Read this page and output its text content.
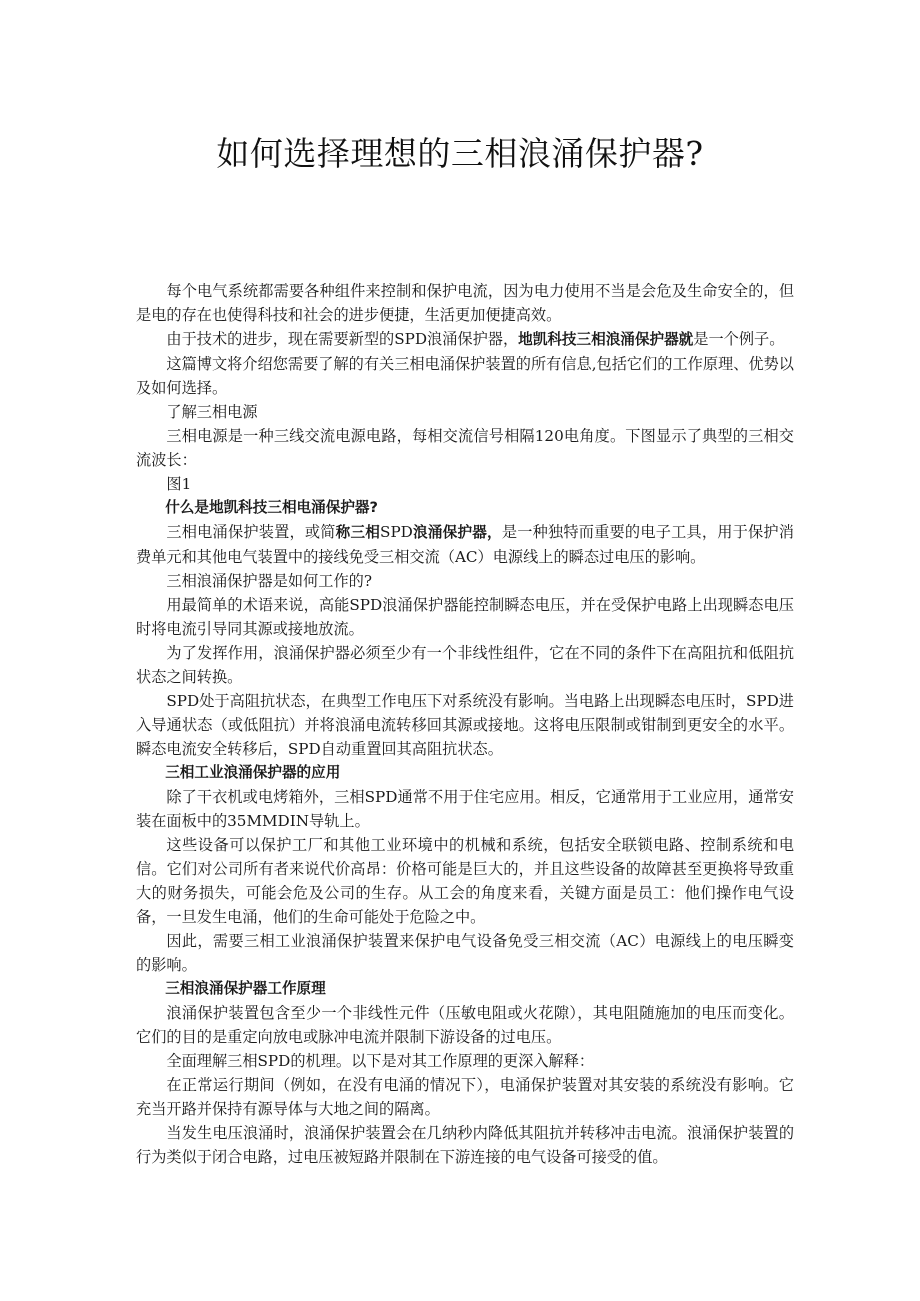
如何选择理想的三相浪涌保护器?

每个电气系统都需要各种组件来控制和保护电流，因为电力使用不当是会危及生命安全的，但是电的存在也使得科技和社会的进步便捷，生活更加便捷高效。

由于技术的进步，现在需要新型的SPD浪涌保护器，地凯科技三相浪涌保护器就是一个例子。

这篇博文将介绍您需要了解的有关三相电涌保护装置的所有信息,包括它们的工作原理、优势以及如何选择。

了解三相电源

三相电源是一种三线交流电源电路，每相交流信号相隔120电角度。下图显示了典型的三相交流波长：

图1

什么是地凯科技三相电涌保护器?

三相电涌保护装置，或简称三相SPD浪涌保护器，是一种独特而重要的电子工具，用于保护消费单元和其他电气装置中的接线免受三相交流（AC）电源线上的瞬态过电压的影响。

三相浪涌保护器是如何工作的?

用最简单的术语来说，高能SPD浪涌保护器能控制瞬态电压，并在受保护电路上出现瞬态电压时将电流引导同其源或接地放流。

为了发挥作用，浪涌保护器必须至少有一个非线性组件，它在不同的条件下在高阻抗和低阻抗状态之间转换。

SPD处于高阻抗状态，在典型工作电压下对系统没有影响。当电路上出现瞬态电压时，SPD进入导通状态（或低阻抗）并将浪涌电流转移回其源或接地。这将电压限制或钳制到更安全的水平。瞬态电流安全转移后，SPD自动重置回其高阻抗状态。

三相工业浪涌保护器的应用

除了干衣机或电烤箱外，三相SPD通常不用于住宅应用。相反，它通常用于工业应用，通常安装在面板中的35MMDIN导轨上。

这些设备可以保护工厂和其他工业环境中的机械和系统，包括安全联锁电路、控制系统和电信。它们对公司所有者来说代价高昂：价格可能是巨大的，并且这些设备的故障甚至更换将导致重大的财务损失，可能会危及公司的生存。从工会的角度来看，关键方面是员工：他们操作电气设备，一旦发生电涌，他们的生命可能处于危险之中。

因此，需要三相工业浪涌保护装置来保护电气设备免受三相交流（AC）电源线上的电压瞬变的影响。

三相浪涌保护器工作原理

浪涌保护装置包含至少一个非线性元件（压敏电阻或火花隙），其电阻随施加的电压而变化。它们的目的是重定向放电或脉冲电流并限制下游设备的过电压。

全面理解三相SPD的机理。以下是对其工作原理的更深入解释：

在正常运行期间（例如，在没有电涌的情况下），电涌保护装置对其安装的系统没有影响。它充当开路并保持有源导体与大地之间的隔离。

当发生电压浪涌时，浪涌保护装置会在几纳秒内降低其阻抗并转移冲击电流。浪涌保护装置的行为类似于闭合电路，过电压被短路并限制在下游连接的电气设备可接受的值。
